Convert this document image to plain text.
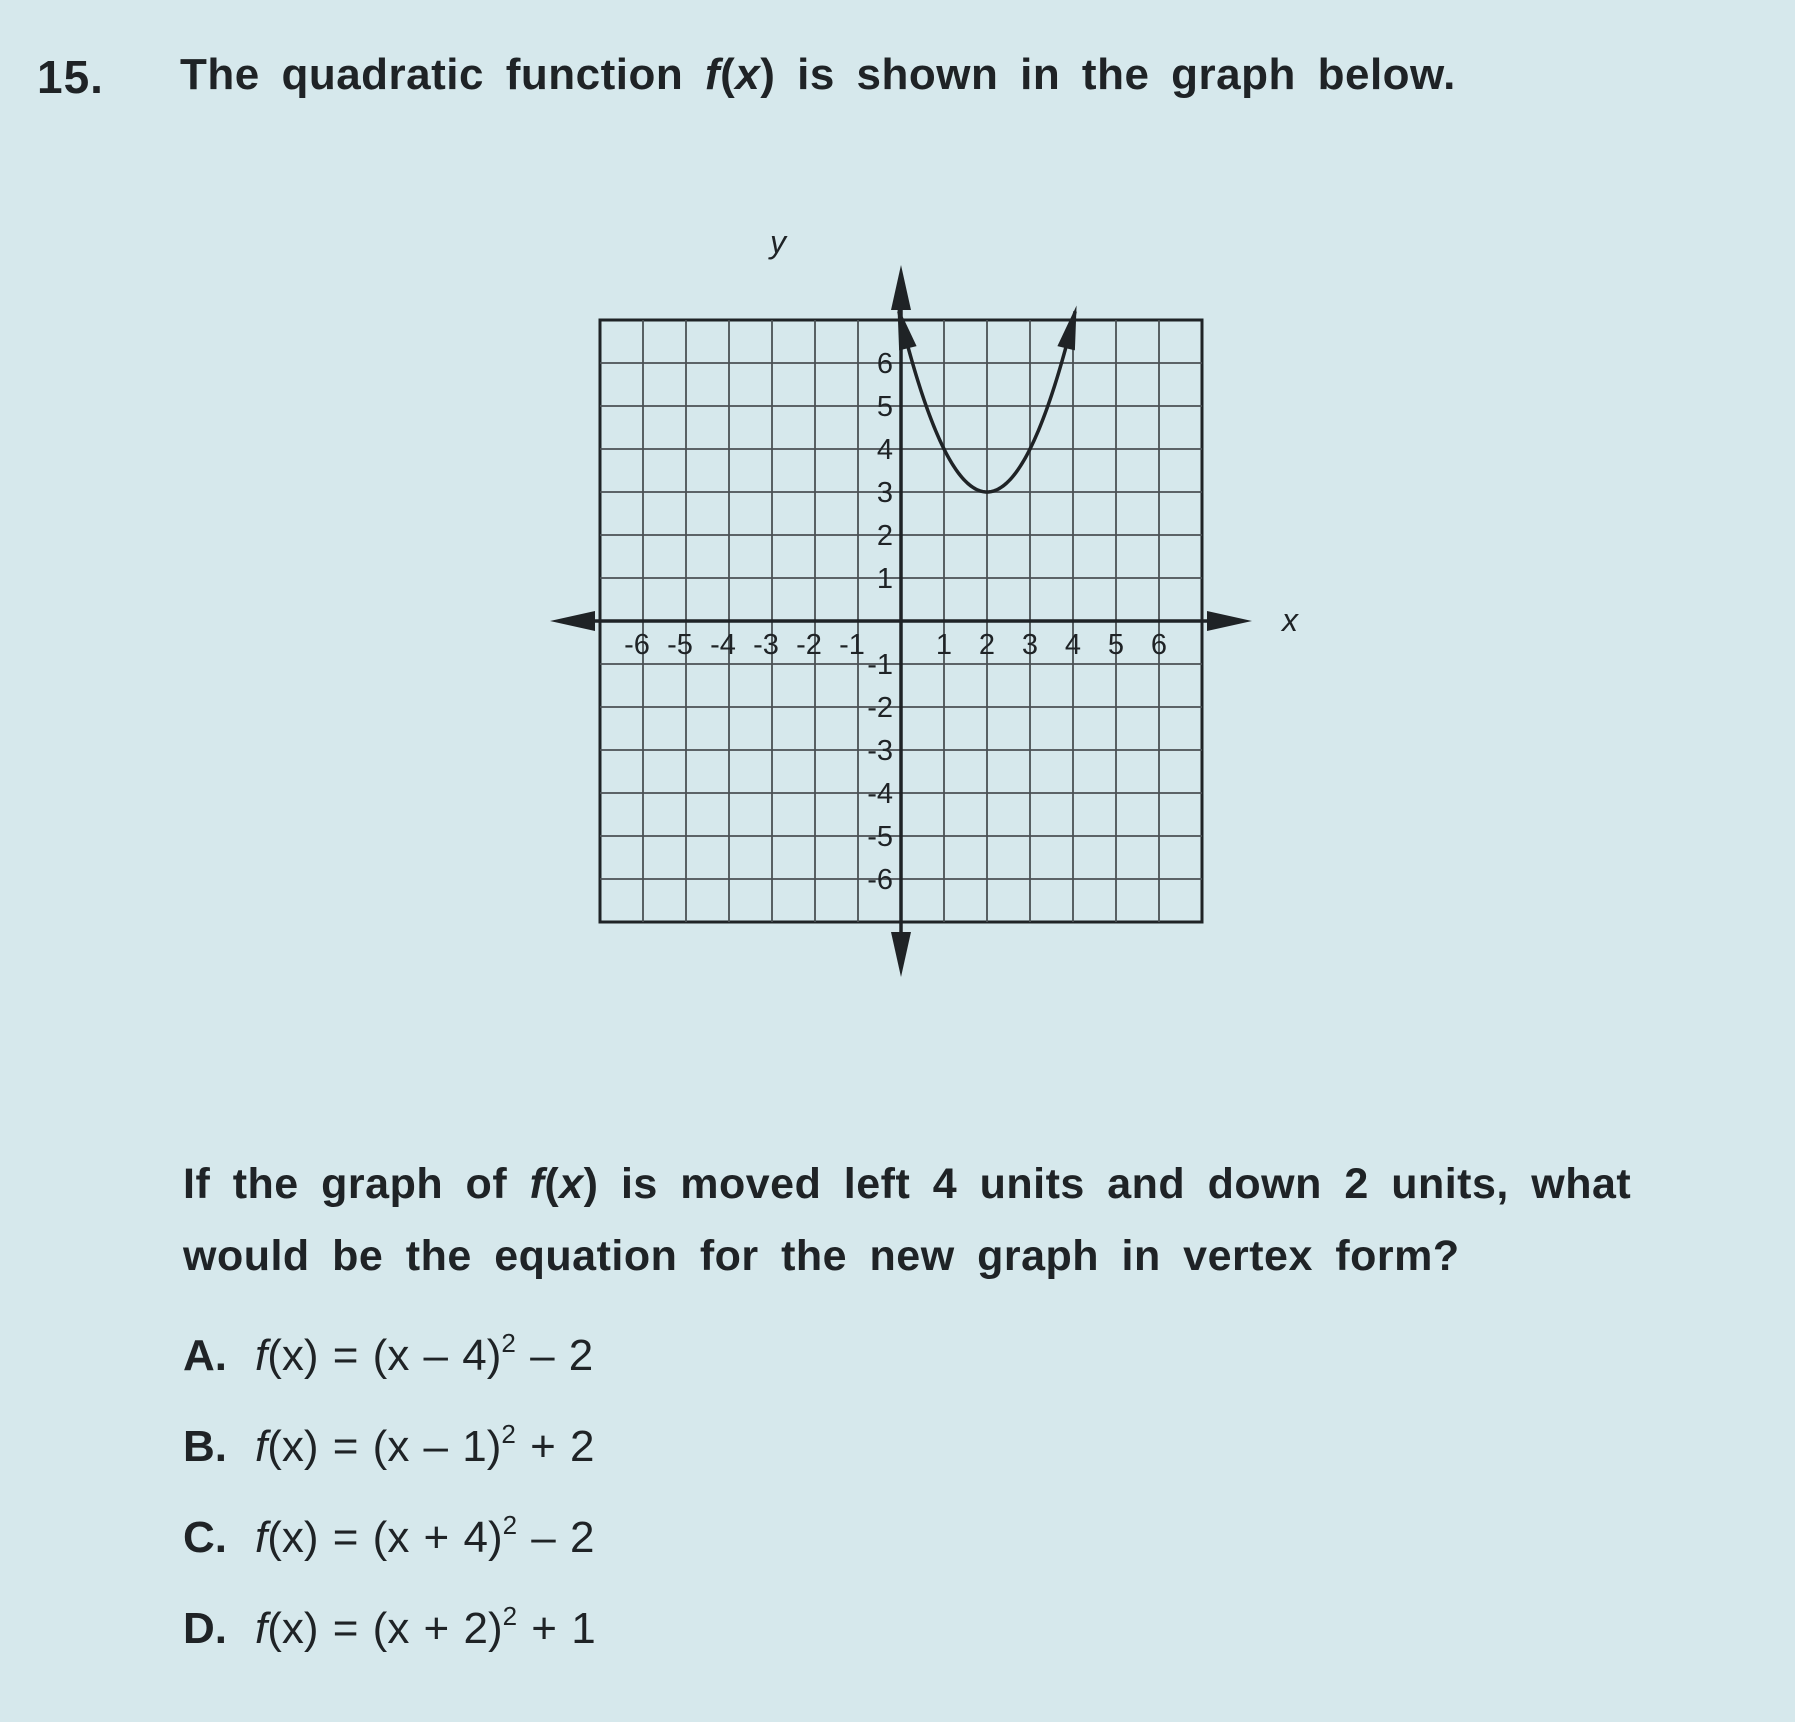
15. The quadratic function f(x) is shown in the graph below.
-6 -5 -4 -3 -2 -1 1 2 3 4 5 6
6
5
4
3
2
1
-1
-2
-3
-4
-5
-6
x
y
If the graph of f(x) is moved left 4 units and down 2 units, what would be the equation for the new graph in vertex form?
A. f(x) = (x – 4)$^2$ – 2
B. f(x) = (x – 1)$^2$ + 2
C. $f(x) = (x + 4)^2 - 2$
D. $f(x) = (x + 2)^2 + 1$
